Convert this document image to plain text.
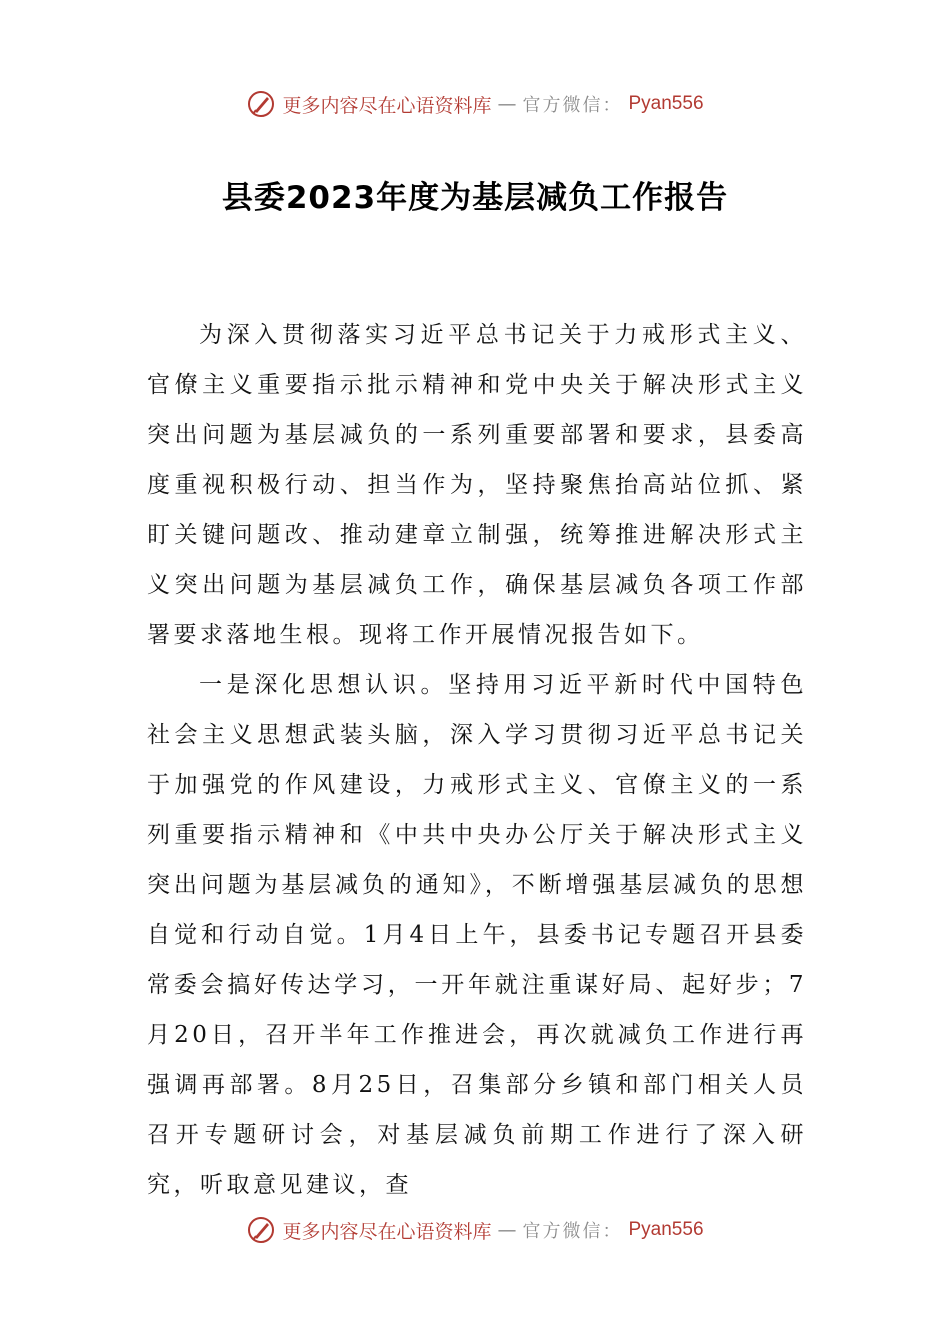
更多内容尽在心语资料库 — 官方微信： Pyan556
县委2023年度为基层减负工作报告

为深入贯彻落实习近平总书记关于力戒形式主义、官僚主义重要指示批示精神和党中央关于解决形式主义突出问题为基层减负的一系列重要部署和要求，县委高度重视积极行动、担当作为，坚持聚焦抬高站位抓、紧盯关键问题改、推动建章立制强，统筹推进解决形式主义突出问题为基层减负工作，确保基层减负各项工作部署要求落地生根。现将工作开展情况报告如下。

一是深化思想认识。坚持用习近平新时代中国特色社会主义思想武装头脑，深入学习贯彻习近平总书记关于加强党的作风建设，力戒形式主义、官僚主义的一系列重要指示精神和《中共中央办公厅关于解决形式主义突出问题为基层减负的通知》，不断增强基层减负的思想自觉和行动自觉。1月4日上午，县委书记专题召开县委常委会搞好传达学习，一开年就注重谋好局、起好步；7月20日，召开半年工作推进会，再次就减负工作进行再强调再部署。8月25日，召集部分乡镇和部门相关人员召开专题研讨会，对基层减负前期工作进行了深入研究，听取意见建议，查

更多内容尽在心语资料库 — 官方微信： Pyan556
